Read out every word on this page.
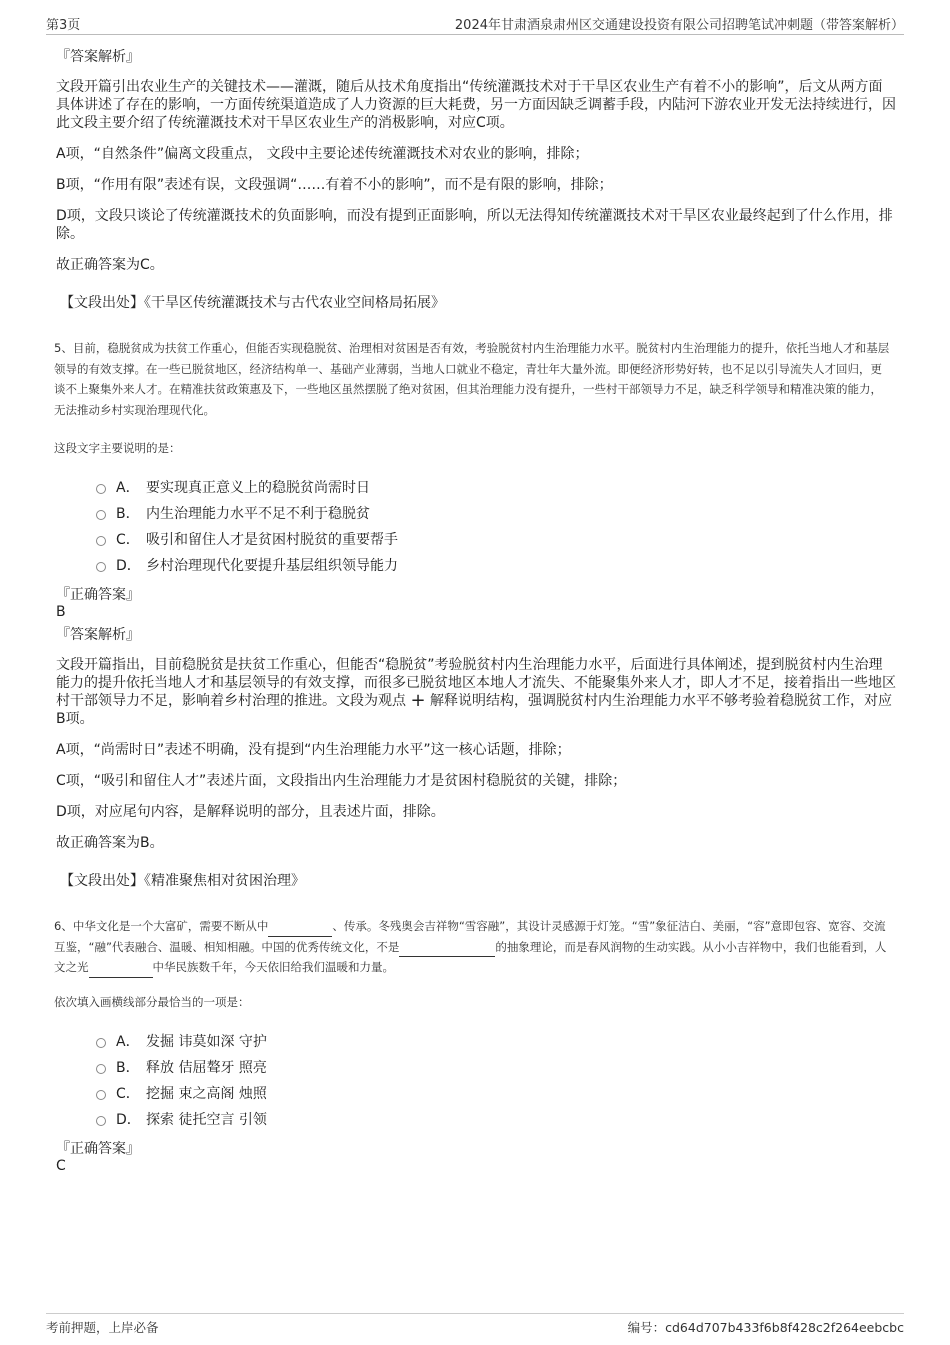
第3页	2024年甘肃酒泉肃州区交通建设投资有限公司招聘笔试冲刺题（带答案解析）
『答案解析』

文段开篇引出农业生产的关键技术——灌溉，随后从技术角度指出“传统灌溉技术对于干旱区农业生产有着不小的影响”，后文从两方面具体讲述了存在的影响，一方面传统渠道造成了人力资源的巨大耗费，另一方面因缺乏调蓄手段，内陆河下游农业开发无法持续进行，因此文段主要介绍了传统灌溉技术对干旱区农业生产的消极影响，对应C项。

A项，“自然条件”偏离文段重点， 文段中主要论述传统灌溉技术对农业的影响，排除；

B项，“作用有限”表述有误，文段强调“……有着不小的影响”，而不是有限的影响，排除；

D项，文段只谈论了传统灌溉技术的负面影响，而没有提到正面影响，所以无法得知传统灌溉技术对干旱区农业最终起到了什么作用，排除。

故正确答案为C。

【文段出处】《干旱区传统灌溉技术与古代农业空间格局拓展》
5、目前，稳脱贫成为扶贫工作重心，但能否实现稳脱贫、治理相对贫困是否有效，考验脱贫村内生治理能力水平。脱贫村内生治理能力的提升，依托当地人才和基层领导的有效支撑。在一些已脱贫地区，经济结构单一、基础产业薄弱，当地人口就业不稳定，青壮年大量外流。即便经济形势好转，也不足以引导流失人才回归，更谈不上聚集外来人才。在精准扶贫政策惠及下，一些地区虽然摆脱了绝对贫困，但其治理能力没有提升，一些村干部领导力不足，缺乏科学领导和精准决策的能力，无法推动乡村实现治理现代化。
这段文字主要说明的是：
A． 要实现真正意义上的稳脱贫尚需时日
B． 内生治理能力水平不足不利于稳脱贫
C． 吸引和留住人才是贫困村脱贫的重要帮手
D． 乡村治理现代化要提升基层组织领导能力
『正确答案』
B
『答案解析』

文段开篇指出，目前稳脱贫是扶贫工作重心，但能否“稳脱贫”考验脱贫村内生治理能力水平，后面进行具体阐述，提到脱贫村内生治理能力的提升依托当地人才和基层领导的有效支撑，而很多已脱贫地区本地人才流失、不能聚集外来人才，即人才不足，接着指出一些地区村干部领导力不足，影响着乡村治理的推进。文段为观点 + 解释说明结构，强调脱贫村内生治理能力水平不够考验着稳脱贫工作，对应B项。

A项，“尚需时日”表述不明确，没有提到“内生治理能力水平”这一核心话题，排除；

C项，“吸引和留住人才”表述片面，文段指出内生治理能力才是贫困村稳脱贫的关键，排除；

D项，对应尾句内容，是解释说明的部分，且表述片面，排除。

故正确答案为B。

【文段出处】《精准聚焦相对贫困治理》
6、中华文化是一个大富矿，需要不断从中	、传承。冬残奥会吉祥物“雪容融”，其设计灵感源于灯笼。“雪”象征洁白、美丽，“容”意即包容、宽容、交流互鉴，“融”代表融合、温暖、相知相融。中国的优秀传统文化，不是	的抽象理论，而是春风润物的生动实践。从小小吉祥物中，我们也能看到，人文之光	中华民族数千年，今天依旧给我们温暖和力量。
依次填入画横线部分最恰当的一项是：
A． 发掘 讳莫如深 守护
B． 释放 佶屈聱牙 照亮
C． 挖掘 束之高阁 烛照
D． 探索 徒托空言 引领
『正确答案』
C
考前押题，上岸必备	编号：cd64d707b433f6b8f428c2f264eebcbc
